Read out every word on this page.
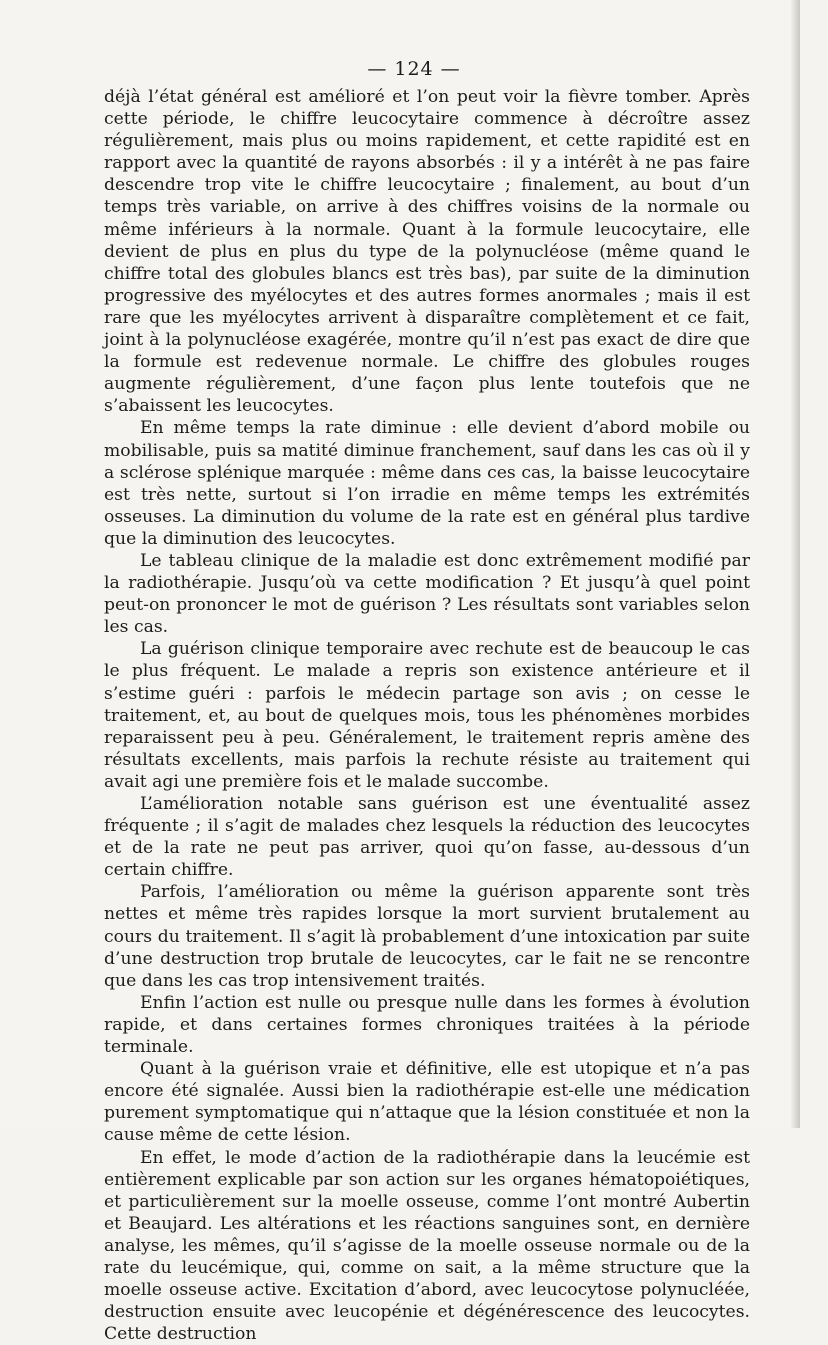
— 124 —

déjà l’état général est amélioré et l’on peut voir la fièvre tomber. Après cette période, le chiffre leucocytaire commence à décroître assez régulièrement, mais plus ou moins rapidement, et cette rapidité est en rapport avec la quantité de rayons absorbés : il y a intérêt à ne pas faire descendre trop vite le chiffre leucocytaire ; finalement, au bout d’un temps très variable, on arrive à des chiffres voisins de la normale ou même inférieurs à la normale. Quant à la formule leucocytaire, elle devient de plus en plus du type de la polynucléose (même quand le chiffre total des globules blancs est très bas), par suite de la diminution progressive des myélocytes et des autres formes anormales ; mais il est rare que les myélocytes arrivent à disparaître complètement et ce fait, joint à la polynucléose exagérée, montre qu’il n’est pas exact de dire que la formule est redevenue normale. Le chiffre des globules rouges augmente régulièrement, d’une façon plus lente toutefois que ne s’abaissent les leucocytes.

En même temps la rate diminue : elle devient d’abord mobile ou mobilisable, puis sa matité diminue franchement, sauf dans les cas où il y a sclérose splénique marquée : même dans ces cas, la baisse leucocytaire est très nette, surtout si l’on irradie en même temps les extrémités osseuses. La diminution du volume de la rate est en général plus tardive que la diminution des leucocytes.

Le tableau clinique de la maladie est donc extrêmement modifié par la radiothérapie. Jusqu’où va cette modification ? Et jusqu’à quel point peut-on prononcer le mot de guérison ? Les résultats sont variables selon les cas.

La guérison clinique temporaire avec rechute est de beaucoup le cas le plus fréquent. Le malade a repris son existence antérieure et il s’estime guéri : parfois le médecin partage son avis ; on cesse le traitement, et, au bout de quelques mois, tous les phénomènes morbides reparaissent peu à peu. Généralement, le traitement repris amène des résultats excellents, mais parfois la rechute résiste au traitement qui avait agi une première fois et le malade succombe.

L’amélioration notable sans guérison est une éventualité assez fréquente ; il s’agit de malades chez lesquels la réduction des leucocytes et de la rate ne peut pas arriver, quoi qu’on fasse, au-dessous d’un certain chiffre.

Parfois, l’amélioration ou même la guérison apparente sont très nettes et même très rapides lorsque la mort survient brutalement au cours du traitement. Il s’agit là probablement d’une intoxication par suite d’une destruction trop brutale de leucocytes, car le fait ne se rencontre que dans les cas trop intensivement traités.

Enfin l’action est nulle ou presque nulle dans les formes à évolution rapide, et dans certaines formes chroniques traitées à la période terminale.

Quant à la guérison vraie et définitive, elle est utopique et n’a pas encore été signalée. Aussi bien la radiothérapie est-elle une médication purement symptomatique qui n’attaque que la lésion constituée et non la cause même de cette lésion.

En effet, le mode d’action de la radiothérapie dans la leucémie est entièrement explicable par son action sur les organes hématopoiétiques, et particulièrement sur la moelle osseuse, comme l’ont montré Aubertin et Beaujard. Les altérations et les réactions sanguines sont, en dernière analyse, les mêmes, qu’il s’agisse de la moelle osseuse normale ou de la rate du leucémique, qui, comme on sait, a la même structure que la moelle osseuse active. Excitation d’abord, avec leucocytose polynucléée, destruction ensuite avec leucopénie et dégénérescence des leucocytes. Cette destruction
